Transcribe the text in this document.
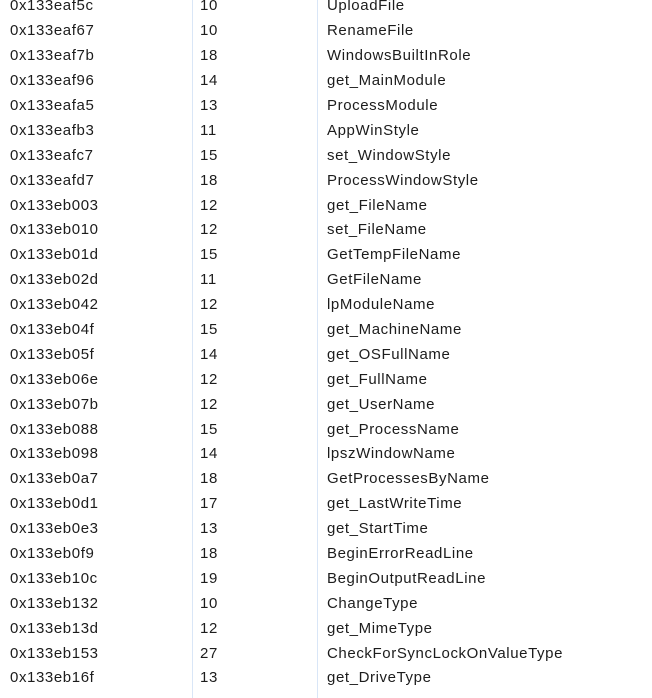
0x133eaf5c	10	UploadFile
0x133eaf67	10	RenameFile
0x133eaf7b	18	WindowsBuiltInRole
0x133eaf96	14	get_MainModule
0x133eafa5	13	ProcessModule
0x133eafb3	11	AppWinStyle
0x133eafc7	15	set_WindowStyle
0x133eafd7	18	ProcessWindowStyle
0x133eb003	12	get_FileName
0x133eb010	12	set_FileName
0x133eb01d	15	GetTempFileName
0x133eb02d	11	GetFileName
0x133eb042	12	lpModuleName
0x133eb04f	15	get_MachineName
0x133eb05f	14	get_OSFullName
0x133eb06e	12	get_FullName
0x133eb07b	12	get_UserName
0x133eb088	15	get_ProcessName
0x133eb098	14	lpszWindowName
0x133eb0a7	18	GetProcessesByName
0x133eb0d1	17	get_LastWriteTime
0x133eb0e3	13	get_StartTime
0x133eb0f9	18	BeginErrorReadLine
0x133eb10c	19	BeginOutputReadLine
0x133eb132	10	ChangeType
0x133eb13d	12	get_MimeType
0x133eb153	27	CheckForSyncLockOnValueType
0x133eb16f	13	get_DriveType
